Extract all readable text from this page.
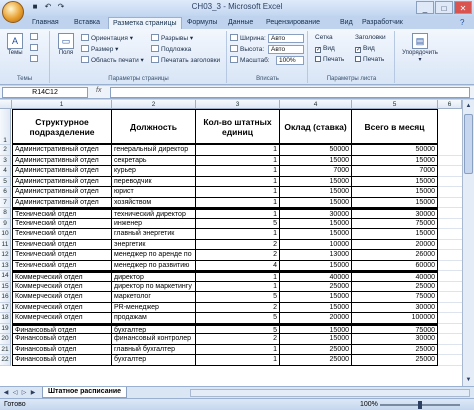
■ ↶ ↷	CH03_3 - Microsoft Excel	_	□	✕
Главная	Вставка	Разметка страницы	Формулы	Данные	Рецензирование	Вид	Разработчик	?
A
Темы
Темы
▭
Поля
Ориентация ▾
Размер ▾
Область печати ▾
Разрывы ▾
Подложка
Печатать заголовки
Параметры страницы
Ширина: Авто
Высота:	Авто
Масштаб:	100%
Вписать
Сетка
✓ Вид
Печать
Заголовки
✓ Вид
Печать
Параметры листа
▤
Упорядочить ▾
R14C12	fx
1	2	3	4	5	6
1
Структурное подразделение	Должность	Кол-во штатных единиц	Оклад (ставка)	Всего в месяц
2	Административный отдел	генеральный директор	1	50000	50000
3	Административный отдел	секретарь	1	15000	15000
4	Административный отдел	курьер	1	7000	7000
5	Административный отдел	переводчик	1	15000	15000
6	Административный отдел	юрист	1	15000	15000
7	Административный отдел	хозяйством	1	15000	15000
8	Технический отдел	технический директор	1	30000	30000
9	Технический отдел	инженер	5	15000	75000
10 Технический отдел	главный энергетик	1	15000	15000
11 Технический отдел	энергетик	2	10000	20000
12 Технический отдел	менеджер по аренде по	2	13000	26000
13 Технический отдел	менеджер по развитию	4	15000	60000
14 Коммерческий отдел	директор	1	40000	40000
15 Коммерческий отдел	директор по маркетингу	1	25000	25000
16 Коммерческий отдел	маркетолог	5	15000	75000
17 Коммерческий отдел	PR-менеджер	2	15000	30000
18 Коммерческий отдел	продажам	5	20000	100000
19 Финансовый отдел	бухгалтер	5	15000	75000
20 Финансовый отдел	финансовый контролер	2	15000	30000
21 Финансовый отдел	главный бухгалтер	1	25000	25000
22 Финансовый отдел	бухгалтер	1	25000	25000
▲
▼
◀ ◁ ▷ ▶	Штатное расписание
Готово	100%
